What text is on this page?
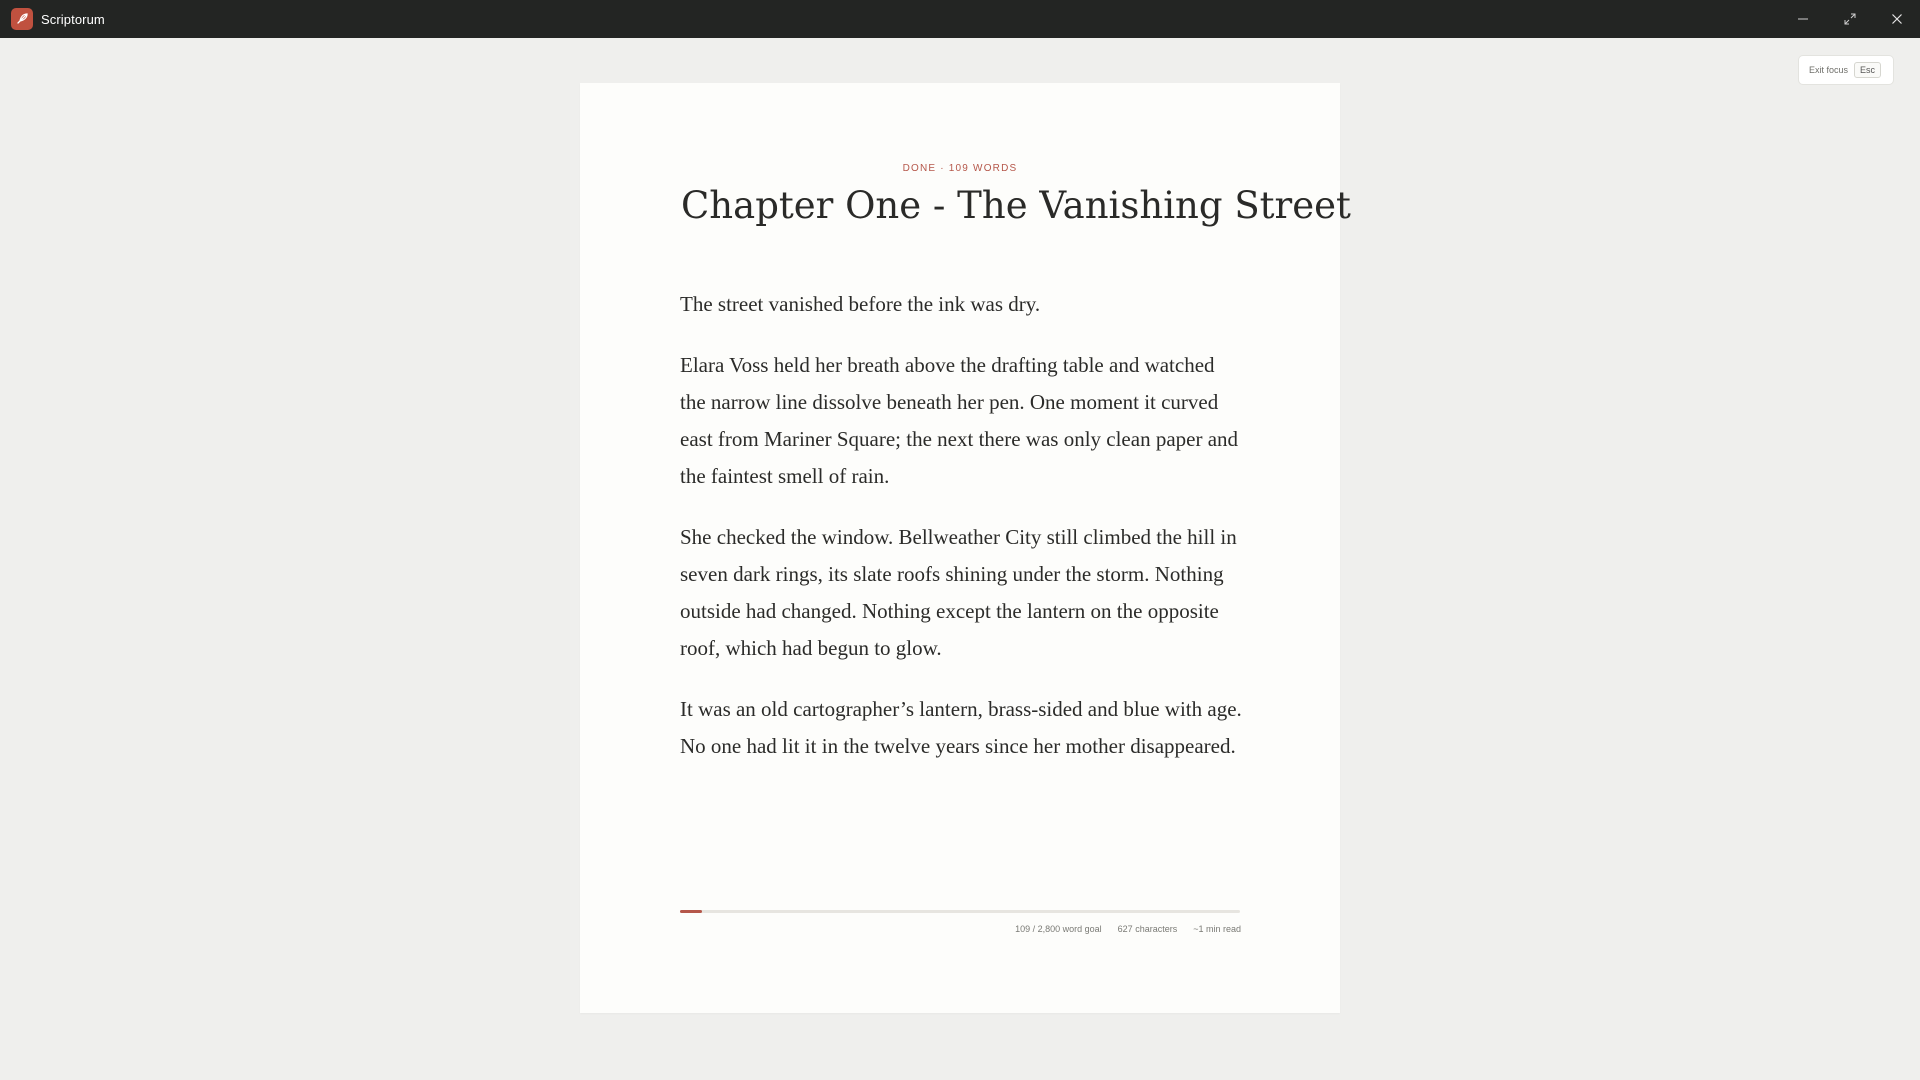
Scriptorum
Exit focus	Esc
DONE · 109 WORDS
Chapter One - The Vanishing Street

The street vanished before the ink was dry.

Elara Voss held her breath above the drafting table and watched the narrow line dissolve beneath her pen. One moment it curved east from Mariner Square; the next there was only clean paper and the faintest smell of rain.

She checked the window. Bellweather City still climbed the hill in seven dark rings, its slate roofs shining under the storm. Nothing outside had changed. Nothing except the lantern on the opposite roof, which had begun to glow.

It was an old cartographer’s lantern, brass-sided and blue with age. No one had lit it in the twelve years since her mother disappeared.

109 / 2,800 word goal 627 characters ~1 min read
